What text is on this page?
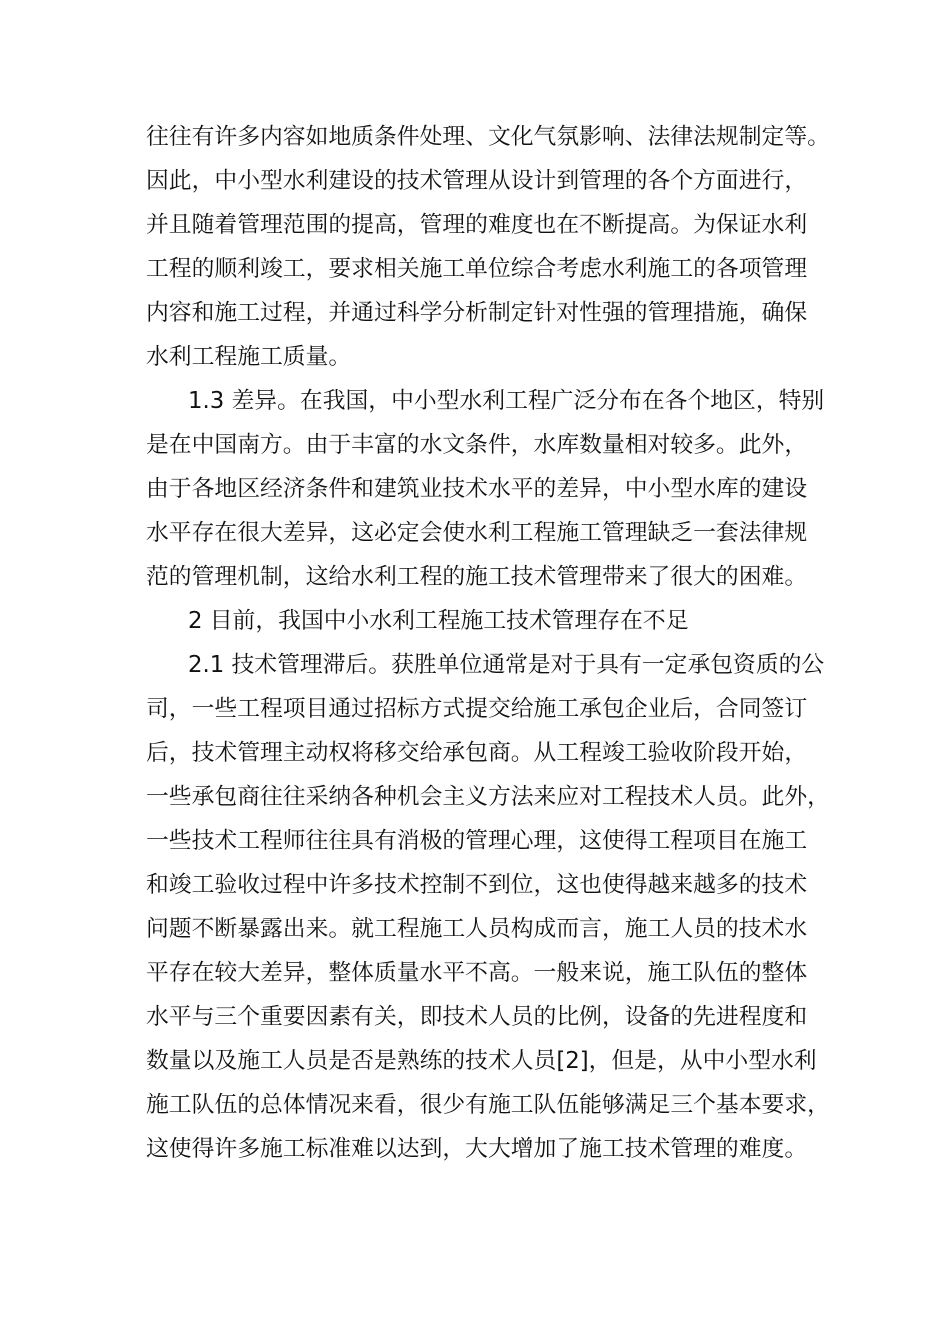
往往有许多内容如地质条件处理、文化气氛影响、法律法规制定等。
因此，中小型水利建设的技术管理从设计到管理的各个方面进行，
并且随着管理范围的提高，管理的难度也在不断提高。为保证水利
工程的顺利竣工，要求相关施工单位综合考虑水利施工的各项管理
内容和施工过程，并通过科学分析制定针对性强的管理措施，确保
水利工程施工质量。
1.3 差异。在我国，中小型水利工程广泛分布在各个地区，特别
是在中国南方。由于丰富的水文条件，水库数量相对较多。此外，
由于各地区经济条件和建筑业技术水平的差异，中小型水库的建设
水平存在很大差异，这必定会使水利工程施工管理缺乏一套法律规
范的管理机制，这给水利工程的施工技术管理带来了很大的困难。
2 目前，我国中小水利工程施工技术管理存在不足
2.1 技术管理滞后。获胜单位通常是对于具有一定承包资质的公
司，一些工程项目通过招标方式提交给施工承包企业后，合同签订
后，技术管理主动权将移交给承包商。从工程竣工验收阶段开始，
一些承包商往往采纳各种机会主义方法来应对工程技术人员。此外，
一些技术工程师往往具有消极的管理心理，这使得工程项目在施工
和竣工验收过程中许多技术控制不到位，这也使得越来越多的技术
问题不断暴露出来。就工程施工人员构成而言，施工人员的技术水
平存在较大差异，整体质量水平不高。一般来说，施工队伍的整体
水平与三个重要因素有关，即技术人员的比例，设备的先进程度和
数量以及施工人员是否是熟练的技术人员[2]，但是，从中小型水利
施工队伍的总体情况来看，很少有施工队伍能够满足三个基本要求，
这使得许多施工标准难以达到，大大增加了施工技术管理的难度。
